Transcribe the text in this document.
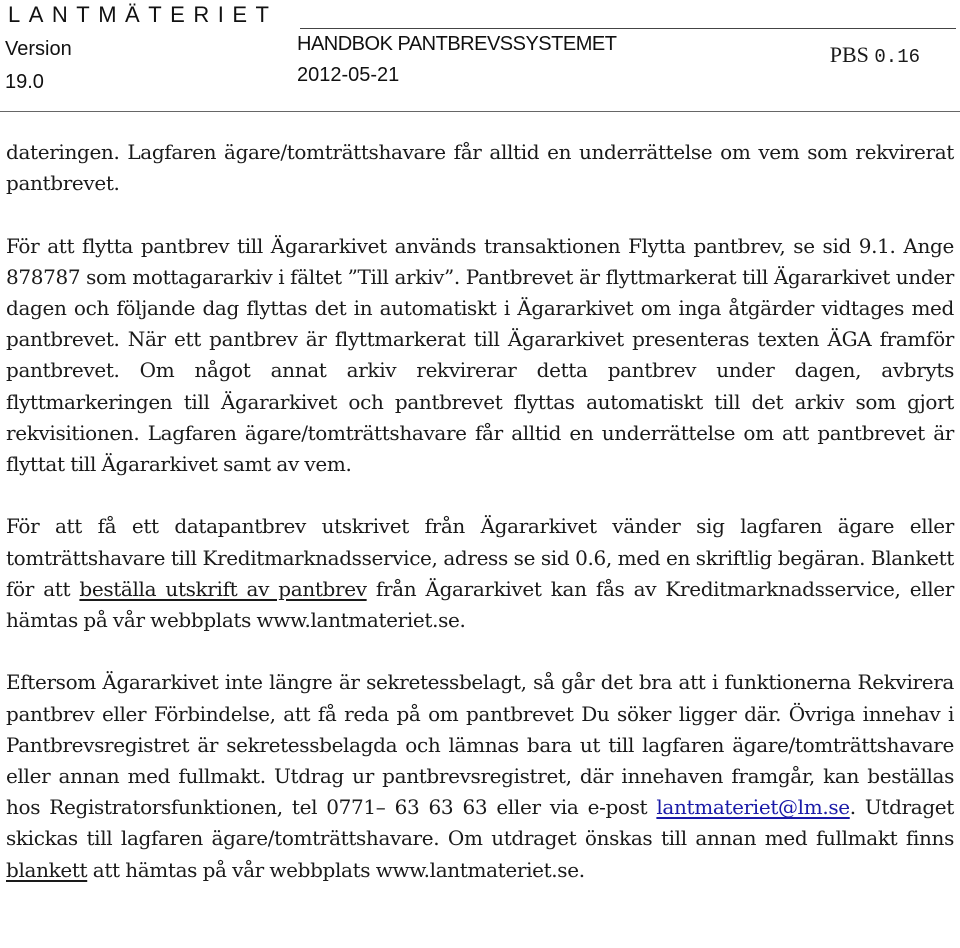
LANTMÄTERIET
Version
19.0
HANDBOK PANTBREVSSYSTEMET
2012-05-21
PBS 0.16

dateringen. Lagfaren ägare/tomträttshavare får alltid en underrättelse om vem som rekvirerat pantbrevet.

För att flytta pantbrev till Ägararkivet används transaktionen Flytta pantbrev, se sid 9.1. Ange 878787 som mottagararkiv i fältet ”Till arkiv”. Pantbrevet är flyttmarkerat till Ägararkivet under dagen och följande dag flyttas det in automatiskt i Ägararkivet om inga åtgärder vidtages med pantbrevet. När ett pantbrev är flyttmarkerat till Ägararkivet presenteras texten ÄGA framför pantbrevet. Om något annat arkiv rekvirerar detta pantbrev under dagen, avbryts flyttmarkeringen till Ägararkivet och pantbrevet flyttas automatiskt till det arkiv som gjort rekvisitionen. Lagfaren ägare/tomträttshavare får alltid en underrättelse om att pantbrevet är flyttat till Ägararkivet samt av vem.

För att få ett datapantbrev utskrivet från Ägararkivet vänder sig lagfaren ägare eller tomträttshavare till Kreditmarknadsservice, adress se sid 0.6, med en skriftlig begäran. Blankett för att beställa utskrift av pantbrev från Ägararkivet kan fås av Kreditmarknadsservice, eller hämtas på vår webbplats www.lantmateriet.se.

Eftersom Ägararkivet inte längre är sekretessbelagt, så går det bra att i funktionerna Rekvirera pantbrev eller Förbindelse, att få reda på om pantbrevet Du söker ligger där. Övriga innehav i Pantbrevsregistret är sekretessbelagda och lämnas bara ut till lagfaren ägare/tomträttshavare eller annan med fullmakt. Utdrag ur pantbrevsregistret, där innehaven framgår, kan beställas hos Registratorsfunktionen, tel 0771– 63 63 63 eller via e-post lantmateriet@lm.se. Utdraget skickas till lagfaren ägare/tomträttshavare. Om utdraget önskas till annan med fullmakt finns blankett att hämtas på vår webbplats www.lantmateriet.se.
